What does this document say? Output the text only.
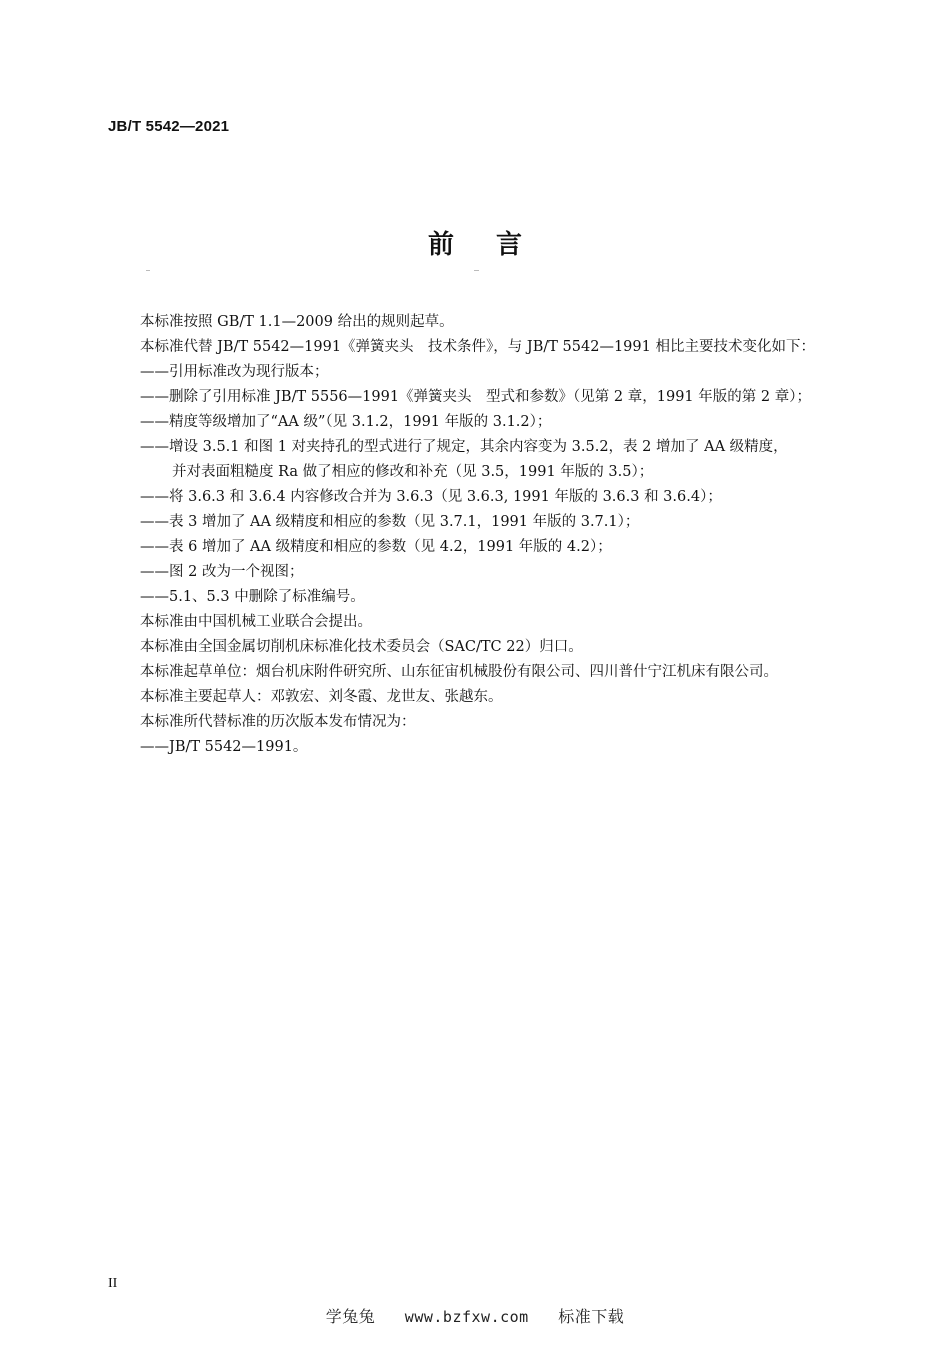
JB/T 5542—2021
前言

本标准按照 GB/T 1.1—2009 给出的规则起草。

本标准代替 JB/T 5542—1991《弹簧夹头　技术条件》，与 JB/T 5542—1991 相比主要技术变化如下：

——引用标准改为现行版本；

——删除了引用标准 JB/T 5556—1991《弹簧夹头　型式和参数》（见第 2 章，1991 年版的第 2 章）；

——精度等级增加了“AA 级”（见 3.1.2，1991 年版的 3.1.2）；

——增设 3.5.1 和图 1 对夹持孔的型式进行了规定，其余内容变为 3.5.2，表 2 增加了 AA 级精度，

并对表面粗糙度 Ra 做了相应的修改和补充（见 3.5，1991 年版的 3.5）；

——将 3.6.3 和 3.6.4 内容修改合并为 3.6.3（见 3.6.3, 1991 年版的 3.6.3 和 3.6.4）；

——表 3 增加了 AA 级精度和相应的参数（见 3.7.1，1991 年版的 3.7.1）；

——表 6 增加了 AA 级精度和相应的参数（见 4.2，1991 年版的 4.2）；

——图 2 改为一个视图；

——5.1、5.3 中删除了标准编号。

本标准由中国机械工业联合会提出。

本标准由全国金属切削机床标准化技术委员会（SAC/TC 22）归口。

本标准起草单位：烟台机床附件研究所、山东征宙机械股份有限公司、四川普什宁江机床有限公司。

本标准主要起草人：邓敦宏、刘冬霞、龙世友、张越东。

本标准所代替标准的历次版本发布情况为：

——JB/T 5542—1991。

II
学兔兔 www.bzfxw.com 标准下载
